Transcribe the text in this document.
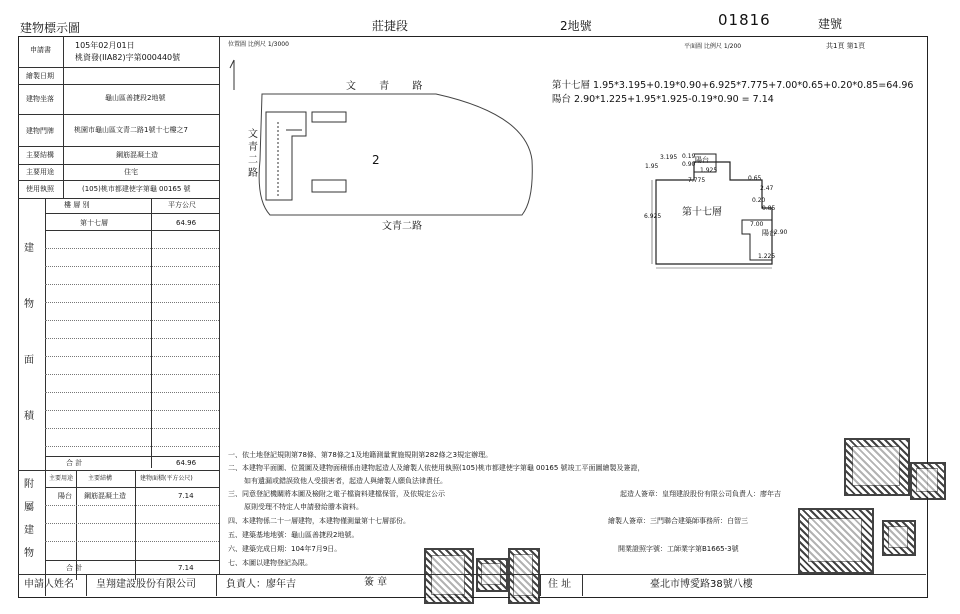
建物標示圖	莊捷段	2地號	01816	建號
申請書	105年02月01日
桃資發(IIA82)字第000440號
繪製日期
建物坐落	龜山區善捷段2地號
建物門牌	桃園市龜山區文青二路1號十七樓之7
主要結構	鋼筋混凝土造
主要用途	住宅
使用執照	(105)桃市都建使字第龜 00165 號
樓 層 別	平方公尺
第十七層	64.96
建
物
面
積
合 計	64.96
主要用途 主要結構	建物面積(平方公尺)
陽台 鋼筋混凝土造	7.14
附
屬
建
物
合 計	7.14
位置圖 比例尺 1/3000
文 青 路
文
青
二
路
文青二路
2
平面圖 比例尺 1/200	共1頁 第1頁
第十七層 1.95*3.195+0.19*0.90+6.925*7.775+7.00*0.65+0.20*0.85=64.96
陽台 2.90*1.225+1.95*1.925-0.19*0.90 = 7.14
第十七層
陽台
陽台
3.195
1.95
0.19
0.90
1.925
7.775	0.65
2.47
0.20
0.85
6.925
7.00
2.90
1.225
一、依土地登記規則第78條、第78條之1及地籍測量實施規則第282條之3規定辦理。
二、本建物平面圖、位置圖及建物面積係由建物起造人及繪製人依使用執照(105)桃市都建使字第龜 00165 號竣工平面圖繪製及簽證，
如有遺漏或錯誤致他人受損害者，起造人與繪製人願負法律責任。
三、同意登記機關將本圖及檢附之電子檔資料建檔保管，及依規定公示
原則受理不特定人申請發給謄本資料。
四、本建物係二十一層建物，本建物僅測量第十七層部份。
五、建築基地地號：龜山區善捷段2地號。
六、建築完成日期：104年7月9日。
七、本圖以建物登記為限。
起造人簽章：皇翔建設股份有限公司負責人：廖年吉
繪製人簽章：三門聯合建築師事務所：白智三
開業證照字號：工師業字第B1665-3號
申請人姓名 皇翔建設股份有限公司	負責人：廖年吉	簽 章	住 址	臺北市博愛路38號八樓
